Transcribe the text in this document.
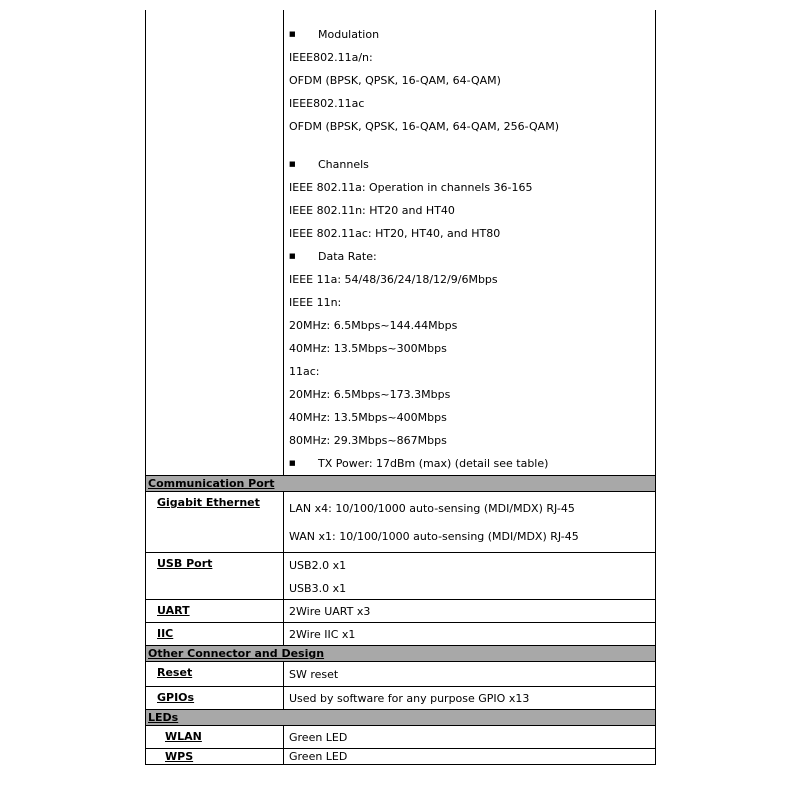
■ Modulation
IEEE802.11a/n:
OFDM (BPSK, QPSK, 16-QAM, 64-QAM)
IEEE802.11ac
OFDM (BPSK, QPSK, 16-QAM, 64-QAM, 256-QAM)
■ Channels
IEEE 802.11a: Operation in channels 36-165
IEEE 802.11n: HT20 and HT40
IEEE 802.11ac: HT20, HT40, and HT80
■ Data Rate:
IEEE 11a: 54/48/36/24/18/12/9/6Mbps
IEEE 11n:
20MHz: 6.5Mbps~144.44Mbps
40MHz: 13.5Mbps~300Mbps
11ac:
20MHz: 6.5Mbps~173.3Mbps
40MHz: 13.5Mbps~400Mbps
80MHz: 29.3Mbps~867Mbps
■ TX Power: 17dBm (max) (detail see table)
Communication Port
Gigabit Ethernet	LAN x4: 10/100/1000 auto-sensing (MDI/MDX) RJ-45
WAN x1: 10/100/1000 auto-sensing (MDI/MDX) RJ-45
USB Port	USB2.0 x1
USB3.0 x1
UART	2Wire UART x3
IIC	2Wire IIC x1
Other Connector and Design
Reset	SW reset
GPIOs	Used by software for any purpose GPIO x13
LEDs
WLAN	Green LED
WPS	Green LED
